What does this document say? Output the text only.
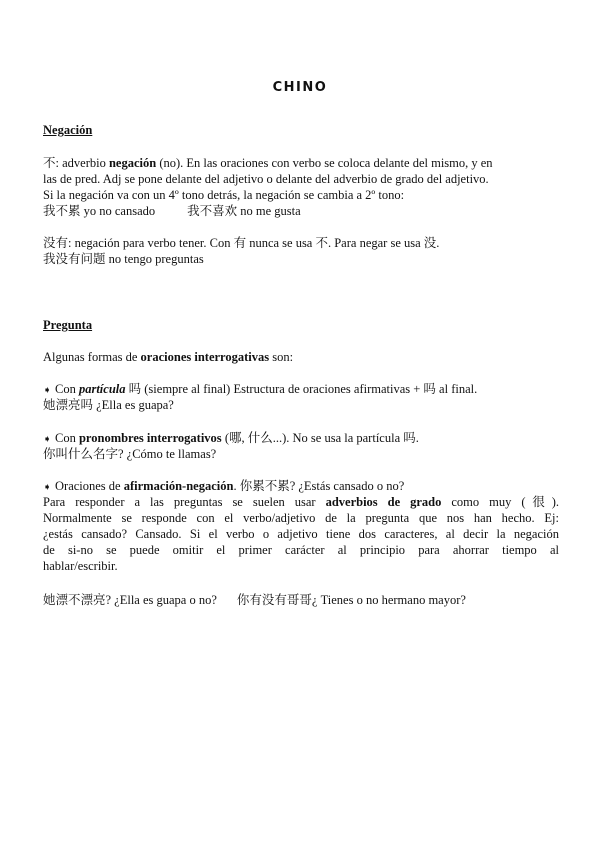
CHINO
Negación
不: adverbio negación (no). En las oraciones con verbo se coloca delante del mismo, y en
las de pred. Adj se pone delante del adjetivo o delante del adverbio de grado del adjetivo.
Si la negación va con un 4º tono detrás, la negación se cambia a 2º tono:
我不累 yo no cansado	我不喜欢 no me gusta
没有: negación para verbo tener. Con 有 nunca se usa 不. Para negar se usa 没.
我没有问题 no tengo preguntas
Pregunta
Algunas formas de oraciones interrogativas son:
➧ Con partícula 吗 (siempre al final) Estructura de oraciones afirmativas + 吗 al final.
她漂亮吗 ¿Ella es guapa?
➧ Con pronombres interrogativos (哪, 什么...). No se usa la partícula 吗.
你叫什么名字? ¿Cómo te llamas?
➧ Oraciones de afirmación-negación. 你累不累? ¿Estás cansado o no?
Para responder a las preguntas se suelen usar adverbios de grado como muy (很).
Normalmente se responde con el verbo/adjetivo de la pregunta que nos han hecho. Ej:
¿estás cansado? Cansado. Si el verbo o adjetivo tiene dos caracteres, al decir la negación
de si-no se puede omitir el primer carácter al principio para ahorrar tiempo al
hablar/escribir.
她漂不漂亮? ¿Ella es guapa o no? 你有没有哥哥¿ Tienes o no hermano mayor?
